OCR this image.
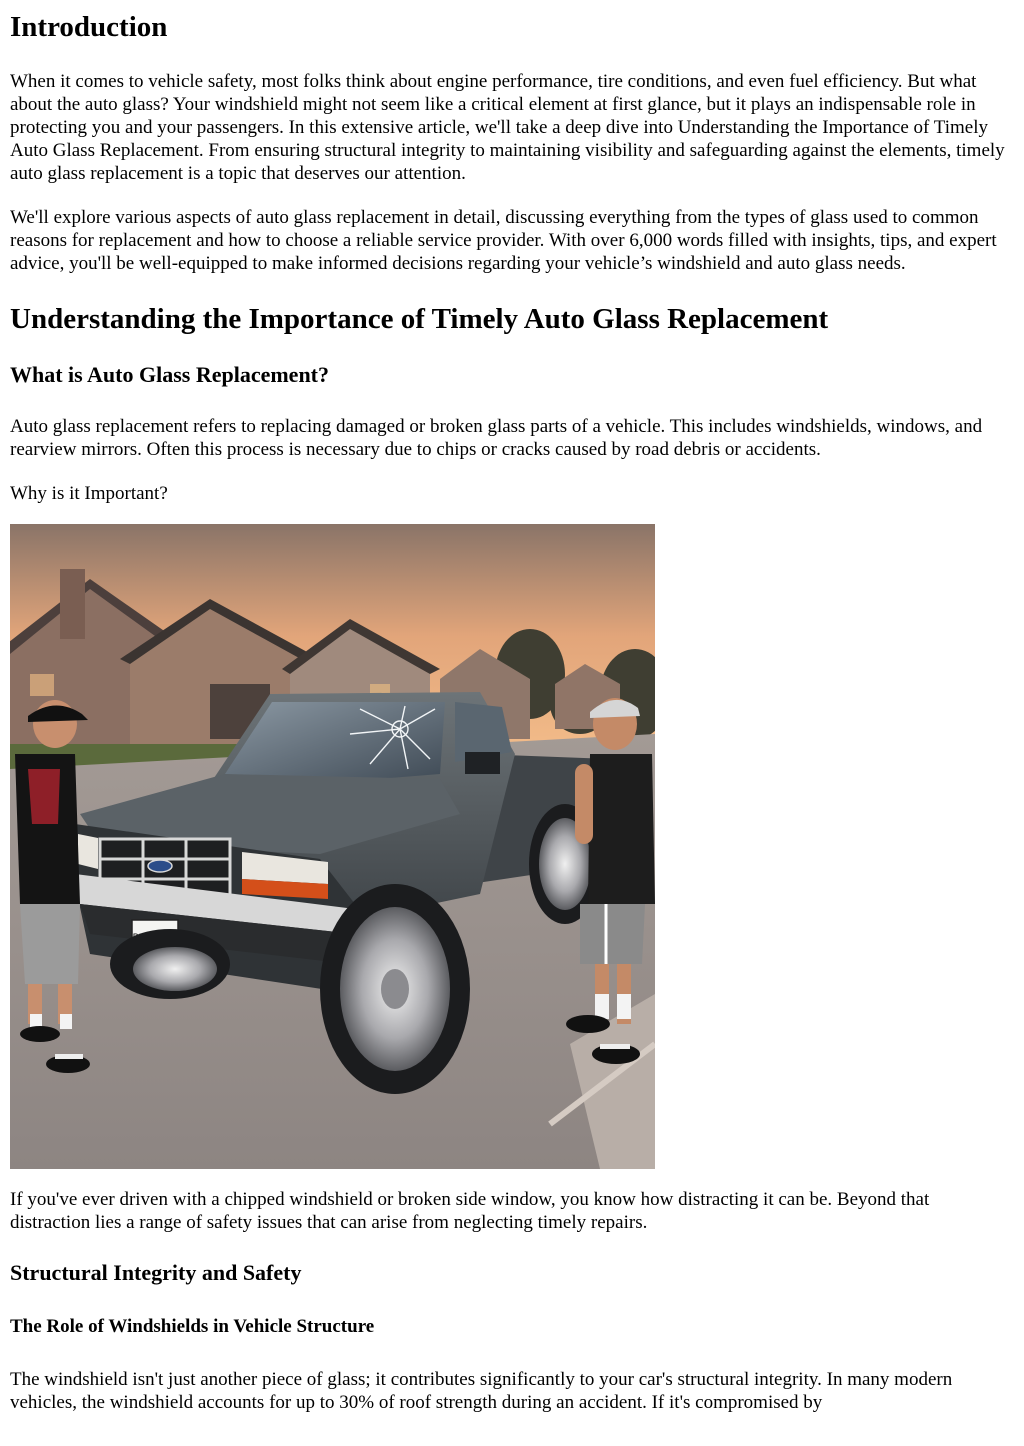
Introduction

When it comes to vehicle safety, most folks think about engine performance, tire conditions, and even fuel efficiency. But what about the auto glass? Your windshield might not seem like a critical element at first glance, but it plays an indispensable role in protecting you and your passengers. In this extensive article, we'll take a deep dive into Understanding the Importance of Timely Auto Glass Replacement. From ensuring structural integrity to maintaining visibility and safeguarding against the elements, timely auto glass replacement is a topic that deserves our attention.

We'll explore various aspects of auto glass replacement in detail, discussing everything from the types of glass used to common reasons for replacement and how to choose a reliable service provider. With over 6,000 words filled with insights, tips, and expert advice, you'll be well-equipped to make informed decisions regarding your vehicle’s windshield and auto glass needs.

Understanding the Importance of Timely Auto Glass Replacement
What is Auto Glass Replacement?

Auto glass replacement refers to replacing damaged or broken glass parts of a vehicle. This includes windshields, windows, and rearview mirrors. Often this process is necessary due to chips or cracks caused by road debris or accidents.

Why is it Important?

If you've ever driven with a chipped windshield or broken side window, you know how distracting it can be. Beyond that distraction lies a range of safety issues that can arise from neglecting timely repairs.

Structural Integrity and Safety
The Role of Windshields in Vehicle Structure

The windshield isn't just another piece of glass; it contributes significantly to your car's structural integrity. In many modern vehicles, the windshield accounts for up to 30% of roof strength during an accident. If it's compromised by
